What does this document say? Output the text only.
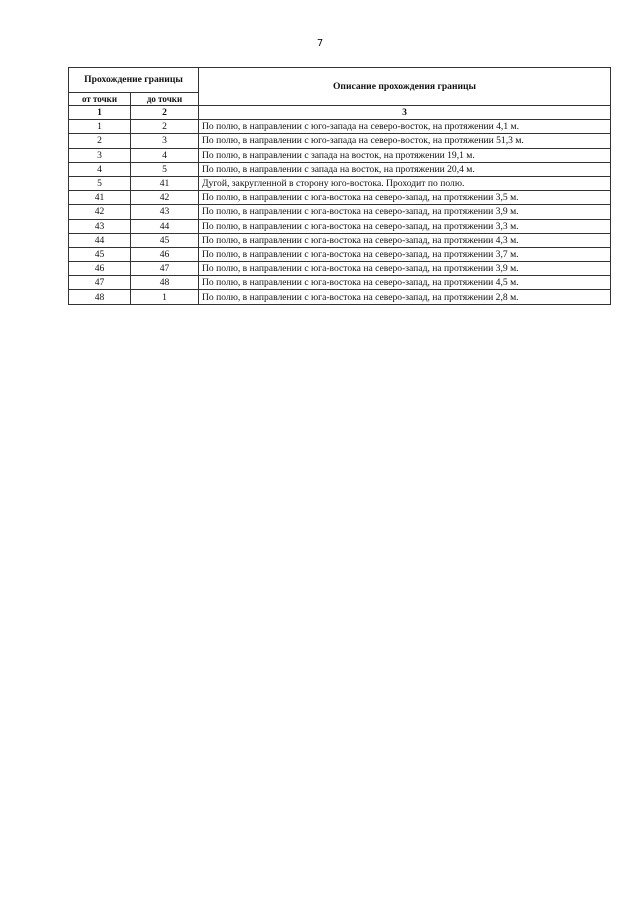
7
Прохождение границы		Описание прохождения границы
от точки	до точки	
1	2	3
1	2	По полю, в направлении с юго-запада на северо-восток, на протяжении 4,1 м.
2	3	По полю, в направлении с юго-запада на северо-восток, на протяжении 51,3 м.
3	4	По полю, в направлении с запада на восток, на протяжении 19,1 м.
4	5	По полю, в направлении с запада на восток, на протяжении 20,4 м.
5	41	Дугой, закругленной в сторону юго-востока. Проходит по полю.
41	42	По полю, в направлении с юга-востока на северо-запад, на протяжении 3,5 м.
42	43	По полю, в направлении с юга-востока на северо-запад, на протяжении 3,9 м.
43	44	По полю, в направлении с юга-востока на северо-запад, на протяжении 3,3 м.
44	45	По полю, в направлении с юга-востока на северо-запад, на протяжении 4,3 м.
45	46	По полю, в направлении с юга-востока на северо-запад, на протяжении 3,7 м.
46	47	По полю, в направлении с юга-востока на северо-запад, на протяжении 3,9 м.
47	48	По полю, в направлении с юга-востока на северо-запад, на протяжении 4,5 м.
48	1	По полю, в направлении с юга-востока на северо-запад, на протяжении 2,8 м.
